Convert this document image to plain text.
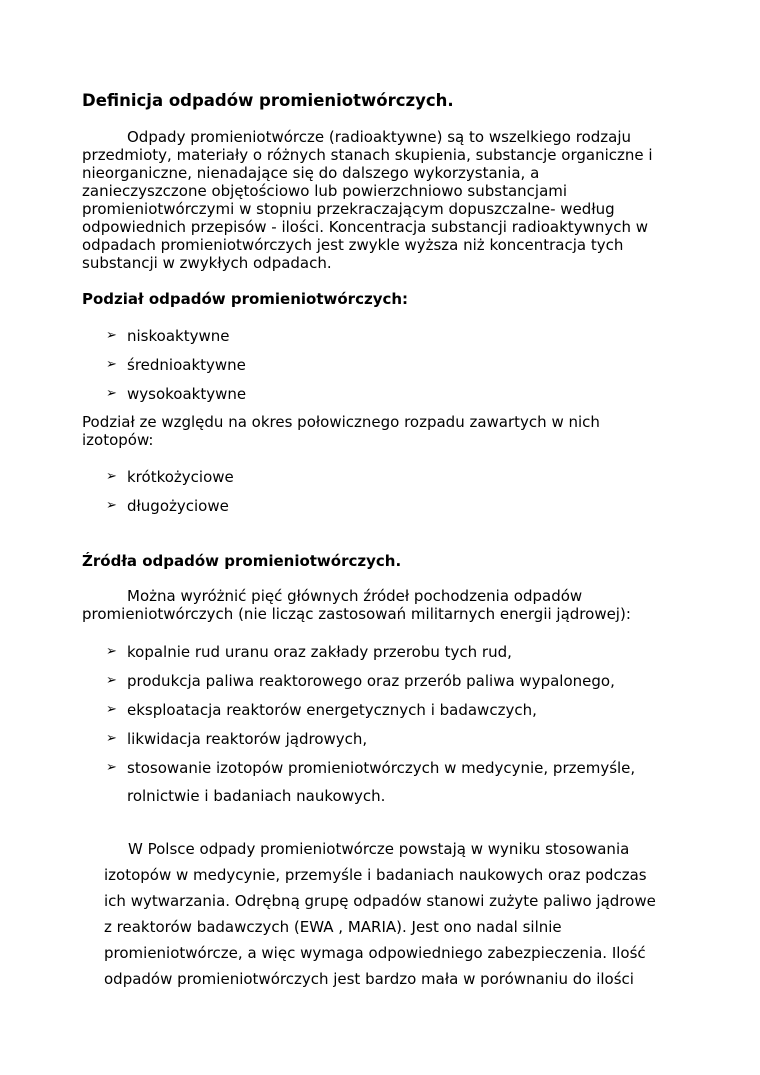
Definicja odpadów promieniotwórczych.
Odpady promieniotwórcze (radioaktywne) są to wszelkiego rodzaju
przedmioty, materiały o różnych stanach skupienia, substancje organiczne i
nieorganiczne, nienadające się do dalszego wykorzystania, a
zanieczyszczone objętościowo lub powierzchniowo substancjami
promieniotwórczymi w stopniu przekraczającym dopuszczalne- według
odpowiednich przepisów - ilości. Koncentracja substancji radioaktywnych w
odpadach promieniotwórczych jest zwykle wyższa niż koncentracja tych
substancji w zwykłych odpadach.
Podział odpadów promieniotwórczych:
➢ niskoaktywne
➢ średnioaktywne
➢ wysokoaktywne
Podział ze względu na okres połowicznego rozpadu zawartych w nich
izotopów:
➢ krótkożyciowe
➢ długożyciowe
Źródła odpadów promieniotwórczych.
Można wyróżnić pięć głównych źródeł pochodzenia odpadów
promieniotwórczych (nie licząc zastosowań militarnych energii jądrowej):
➢ kopalnie rud uranu oraz zakłady przerobu tych rud,
➢ produkcja paliwa reaktorowego oraz przerób paliwa wypalonego,
➢ eksploatacja reaktorów energetycznych i badawczych,
➢ likwidacja reaktorów jądrowych,
➢ stosowanie izotopów promieniotwórczych w medycynie, przemyśle,
rolnictwie i badaniach naukowych.
W Polsce odpady promieniotwórcze powstają w wyniku stosowania
izotopów w medycynie, przemyśle i badaniach naukowych oraz podczas
ich wytwarzania. Odrębną grupę odpadów stanowi zużyte paliwo jądrowe
z reaktorów badawczych (EWA , MARIA). Jest ono nadal silnie
promieniotwórcze, a więc wymaga odpowiedniego zabezpieczenia. Ilość
odpadów promieniotwórczych jest bardzo mała w porównaniu do ilości
